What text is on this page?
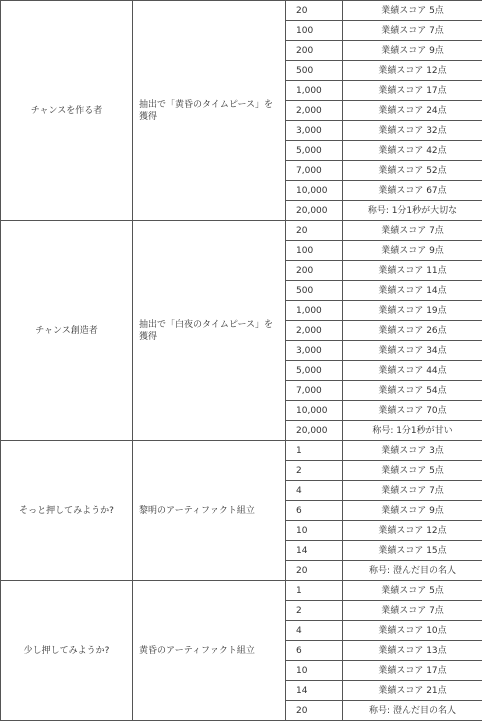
チャンスを作る者	抽出で「黄昏のタイムピース」を獲得	20	業績スコア 5点
		100	業績スコア 7点
		200	業績スコア 9点
		500	業績スコア 12点
		1,000	業績スコア 17点
		2,000	業績スコア 24点
		3,000	業績スコア 32点
		5,000	業績スコア 42点
		7,000	業績スコア 52点
		10,000	業績スコア 67点
		20,000	称号: 1分1秒が大切な
チャンス創造者	抽出で「白夜のタイムピース」を獲得	20	業績スコア 7点
		100	業績スコア 9点
		200	業績スコア 11点
		500	業績スコア 14点
		1,000	業績スコア 19点
		2,000	業績スコア 26点
		3,000	業績スコア 34点
		5,000	業績スコア 44点
		7,000	業績スコア 54点
		10,000	業績スコア 70点
		20,000	称号: 1分1秒が甘い
そっと押してみようか?	黎明のアーティファクト組立	1	業績スコア 3点
		2	業績スコア 5点
		4	業績スコア 7点
		6	業績スコア 9点
		10	業績スコア 12点
		14	業績スコア 15点
		20	称号: 澄んだ目の名人
少し押してみようか?	黄昏のアーティファクト組立	1	業績スコア 5点
		2	業績スコア 7点
		4	業績スコア 10点
		6	業績スコア 13点
		10	業績スコア 17点
		14	業績スコア 21点
		20	称号: 澄んだ目の名人
